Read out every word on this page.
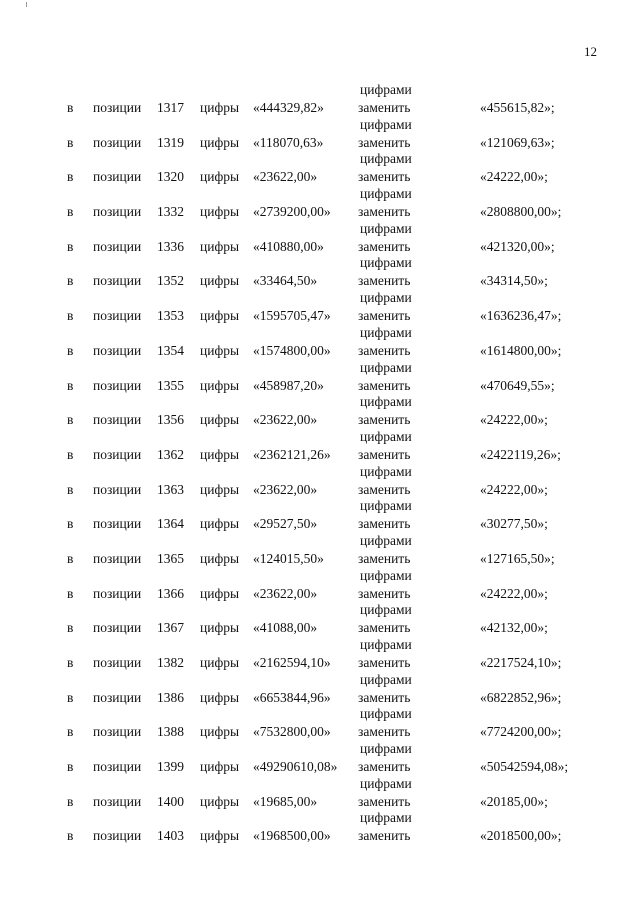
12
цифрами
в позиции 1317 цифры «444329,82»	заменить	«455615,82»;
цифрами
в позиции 1319 цифры «118070,63»	заменить	«121069,63»;
цифрами
в позиции 1320 цифры «23622,00»	заменить	«24222,00»;
цифрами
в позиции 1332 цифры «2739200,00» заменить	«2808800,00»;
цифрами
в позиции 1336 цифры «410880,00»	заменить	«421320,00»;
цифрами
в позиции 1352 цифры «33464,50»	заменить	«34314,50»;
цифрами
в позиции 1353 цифры «1595705,47» заменить	«1636236,47»;
цифрами
в позиции 1354 цифры «1574800,00» заменить	«1614800,00»;
цифрами
в позиции 1355 цифры «458987,20»	заменить	«470649,55»;
цифрами
в позиции 1356 цифры «23622,00»	заменить	«24222,00»;
цифрами
в позиции 1362 цифры «2362121,26» заменить	«2422119,26»;
цифрами
в позиции 1363 цифры «23622,00»	заменить	«24222,00»;
цифрами
в позиции 1364 цифры «29527,50»	заменить	«30277,50»;
цифрами
в позиции 1365 цифры «124015,50»	заменить	«127165,50»;
цифрами
в позиции 1366 цифры «23622,00»	заменить	«24222,00»;
цифрами
в позиции 1367 цифры «41088,00»	заменить	«42132,00»;
цифрами
в позиции 1382 цифры «2162594,10» заменить	«2217524,10»;
цифрами
в позиции 1386 цифры «6653844,96» заменить	«6822852,96»;
цифрами
в позиции 1388 цифры «7532800,00» заменить	«7724200,00»;
цифрами
в позиции 1399 цифры «49290610,08» заменить	«50542594,08»;
цифрами
в позиции 1400 цифры «19685,00»	заменить	«20185,00»;
цифрами
в позиции 1403 цифры «1968500,00» заменить	«2018500,00»;
